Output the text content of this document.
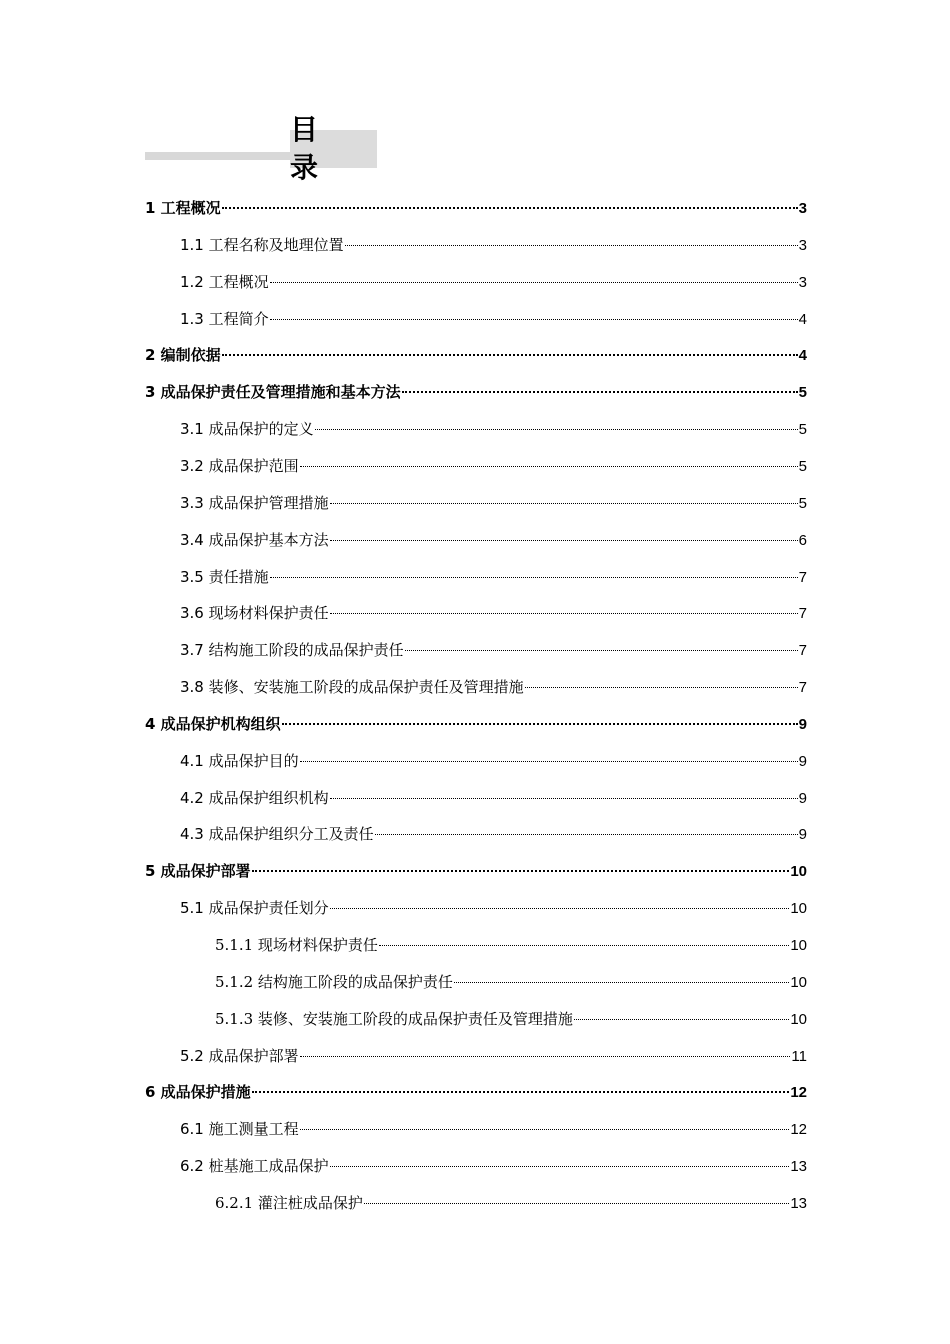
目 录
1 工程概况	3
1.1 工程名称及地理位置	3
1.2 工程概况	3
1.3 工程简介	4
2 编制依据	4
3 成品保护责任及管理措施和基本方法	5
3.1 成品保护的定义	5
3.2 成品保护范围	5
3.3 成品保护管理措施	5
3.4 成品保护基本方法	6
3.5 责任措施	7
3.6 现场材料保护责任	7
3.7 结构施工阶段的成品保护责任	7
3.8 装修、安装施工阶段的成品保护责任及管理措施	7
4 成品保护机构组织	9
4.1 成品保护目的	9
4.2 成品保护组织机构	9
4.3 成品保护组织分工及责任	9
5 成品保护部署	10
5.1 成品保护责任划分	10
5.1.1 现场材料保护责任	10
5.1.2 结构施工阶段的成品保护责任	10
5.1.3 装修、安装施工阶段的成品保护责任及管理措施	10
5.2 成品保护部署	11
6 成品保护措施	12
6.1 施工测量工程	12
6.2 桩基施工成品保护	13
6.2.1 灌注桩成品保护	13
